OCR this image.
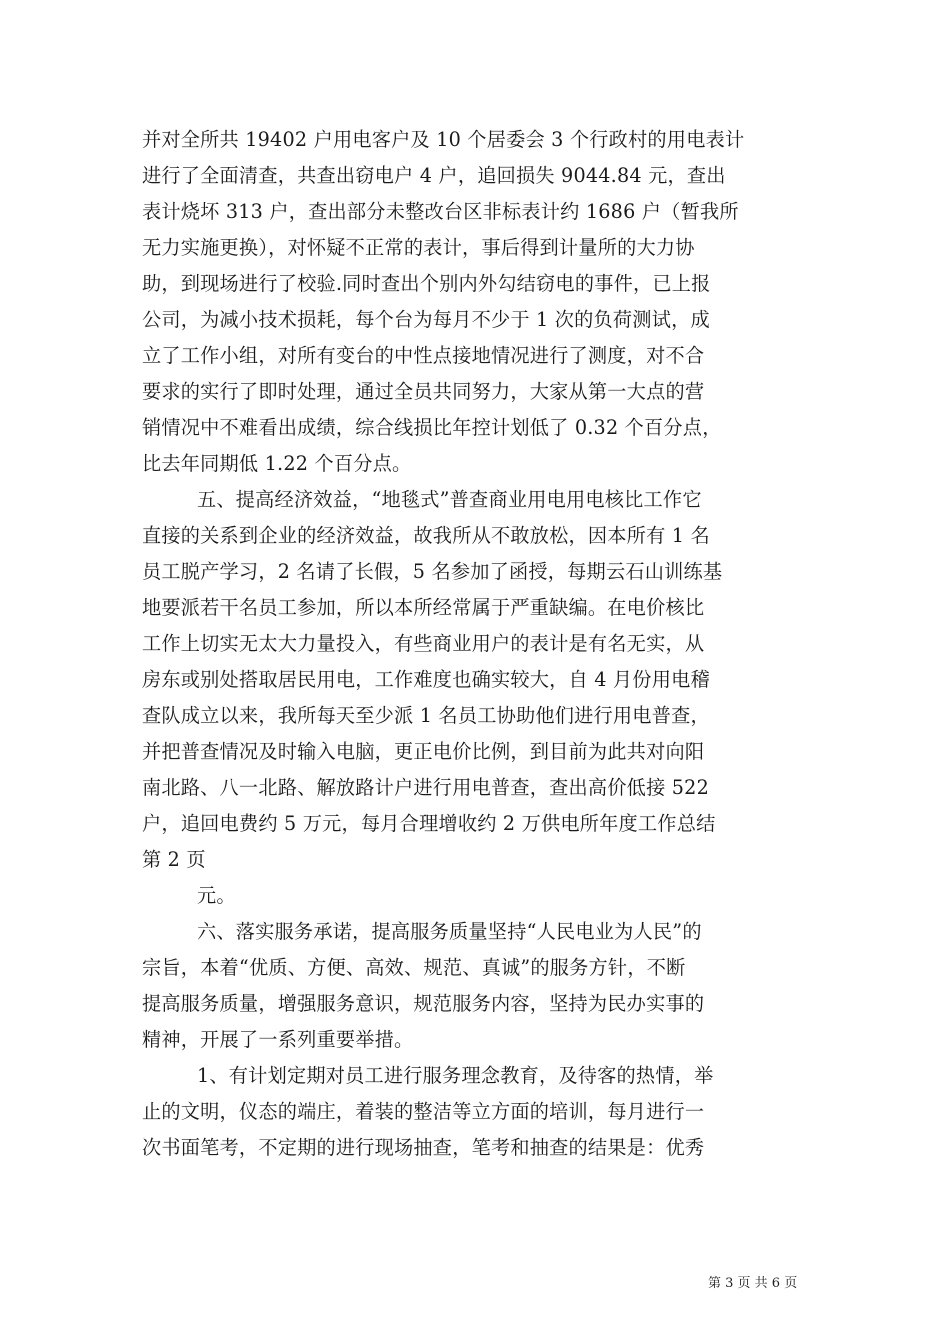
并对全所共 19402 户用电客户及 10 个居委会 3 个行政村的用电表计
进行了全面清查，共查出窃电户 4 户，追回损失 9044.84 元，查出
表计烧坏 313 户，查出部分未整改台区非标表计约 1686 户（暂我所
无力实施更换），对怀疑不正常的表计，事后得到计量所的大力协
助，到现场进行了校验.同时查出个别内外勾结窃电的事件，已上报
公司，为减小技术损耗，每个台为每月不少于 1 次的负荷测试，成
立了工作小组，对所有变台的中性点接地情况进行了测度，对不合
要求的实行了即时处理，通过全员共同努力，大家从第一大点的营
销情况中不难看出成绩，综合线损比年控计划低了 0.32 个百分点，
比去年同期低 1.22 个百分点。
五、提高经济效益，“地毯式”普查商业用电用电核比工作它
直接的关系到企业的经济效益，故我所从不敢放松，因本所有 1 名
员工脱产学习，2 名请了长假，5 名参加了函授，每期云石山训练基
地要派若干名员工参加，所以本所经常属于严重缺编。在电价核比
工作上切实无太大力量投入，有些商业用户的表计是有名无实，从
房东或别处搭取居民用电，工作难度也确实较大，自 4 月份用电稽
查队成立以来，我所每天至少派 1 名员工协助他们进行用电普查，
并把普查情况及时输入电脑，更正电价比例，到目前为此共对向阳
南北路、八一北路、解放路计户进行用电普查，查出高价低接 522
户，追回电费约 5 万元，每月合理增收约 2 万供电所年度工作总结
第 2 页
元。
六、落实服务承诺，提高服务质量坚持“人民电业为人民”的
宗旨，本着“优质、方便、高效、规范、真诚”的服务方针，不断
提高服务质量，增强服务意识，规范服务内容，坚持为民办实事的
精神，开展了一系列重要举措。
1、有计划定期对员工进行服务理念教育，及待客的热情，举
止的文明，仪态的端庄，着装的整洁等立方面的培训，每月进行一
次书面笔考，不定期的进行现场抽查，笔考和抽查的结果是：优秀
第 3 页 共 6 页
